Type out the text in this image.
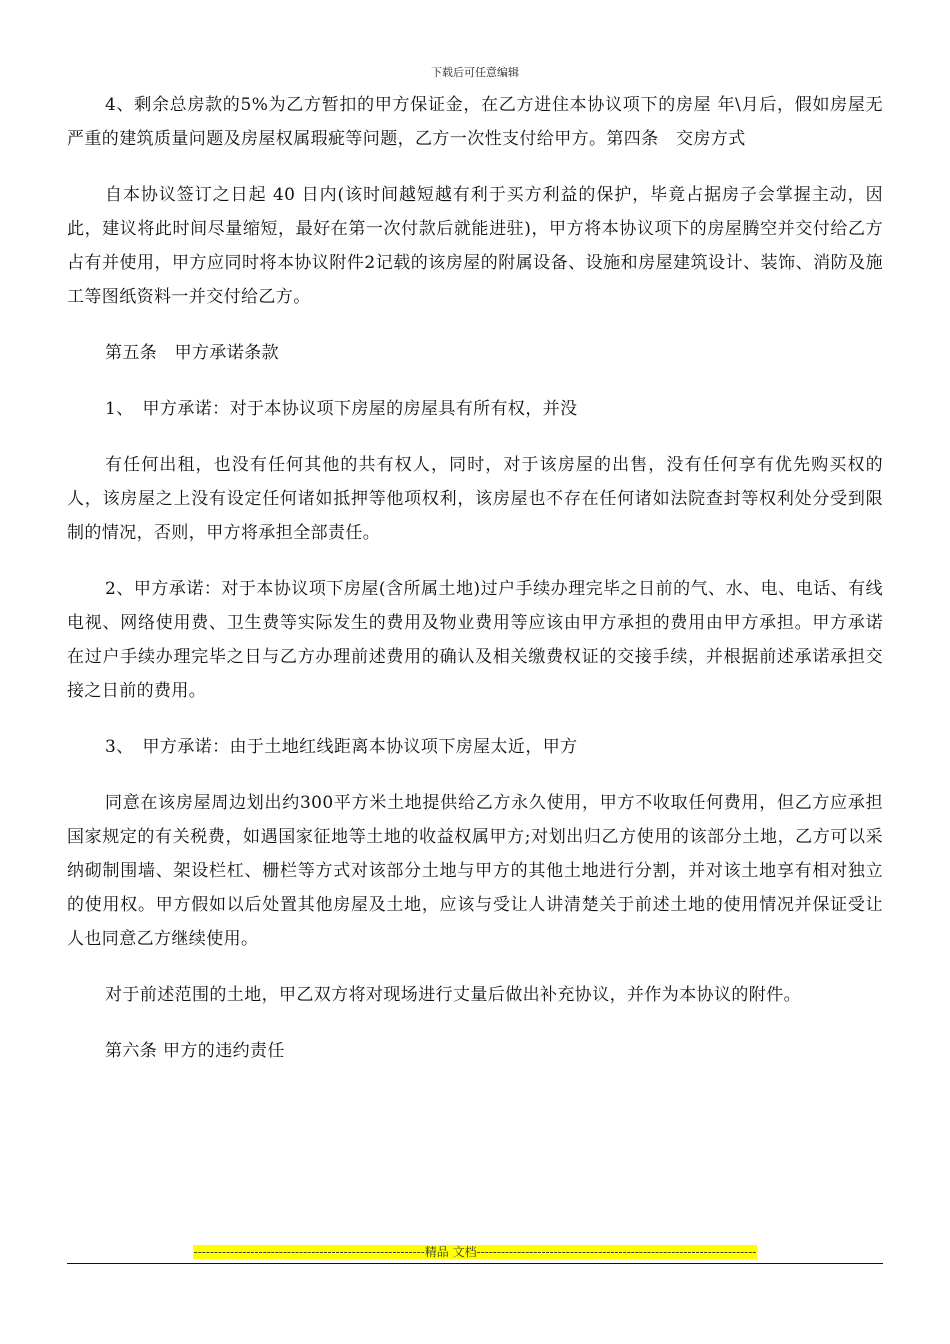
下载后可任意编辑

4、剩余总房款的5%为乙方暂扣的甲方保证金，在乙方进住本协议项下的房屋 年\月后，假如房屋无严重的建筑质量问题及房屋权属瑕疵等问题，乙方一次性支付给甲方。第四条　交房方式

自本协议签订之日起 40 日内(该时间越短越有利于买方利益的保护，毕竟占据房子会掌握主动，因此，建议将此时间尽量缩短，最好在第一次付款后就能进驻)，甲方将本协议项下的房屋腾空并交付给乙方占有并使用，甲方应同时将本协议附件2记载的该房屋的附属设备、设施和房屋建筑设计、装饰、消防及施工等图纸资料一并交付给乙方。

第五条　甲方承诺条款

1、　甲方承诺：对于本协议项下房屋的房屋具有所有权，并没

有任何出租，也没有任何其他的共有权人，同时，对于该房屋的出售，没有任何享有优先购买权的人，该房屋之上没有设定任何诸如抵押等他项权利，该房屋也不存在任何诸如法院查封等权利处分受到限制的情况，否则，甲方将承担全部责任。

2、甲方承诺：对于本协议项下房屋(含所属土地)过户手续办理完毕之日前的气、水、电、电话、有线电视、网络使用费、卫生费等实际发生的费用及物业费用等应该由甲方承担的费用由甲方承担。甲方承诺在过户手续办理完毕之日与乙方办理前述费用的确认及相关缴费权证的交接手续，并根据前述承诺承担交接之日前的费用。

3、　甲方承诺：由于土地红线距离本协议项下房屋太近，甲方

同意在该房屋周边划出约300平方米土地提供给乙方永久使用，甲方不收取任何费用，但乙方应承担国家规定的有关税费，如遇国家征地等土地的收益权属甲方;对划出归乙方使用的该部分土地，乙方可以采纳砌制围墙、架设栏杠、栅栏等方式对该部分土地与甲方的其他土地进行分割，并对该土地享有相对独立的使用权。甲方假如以后处置其他房屋及土地，应该与受让人讲清楚关于前述土地的使用情况并保证受让人也同意乙方继续使用。

对于前述范围的土地，甲乙双方将对现场进行丈量后做出补充协议，并作为本协议的附件。

第六条 甲方的违约责任

---------------------------------------------------------精品 文档---------------------------------------------------------------------
